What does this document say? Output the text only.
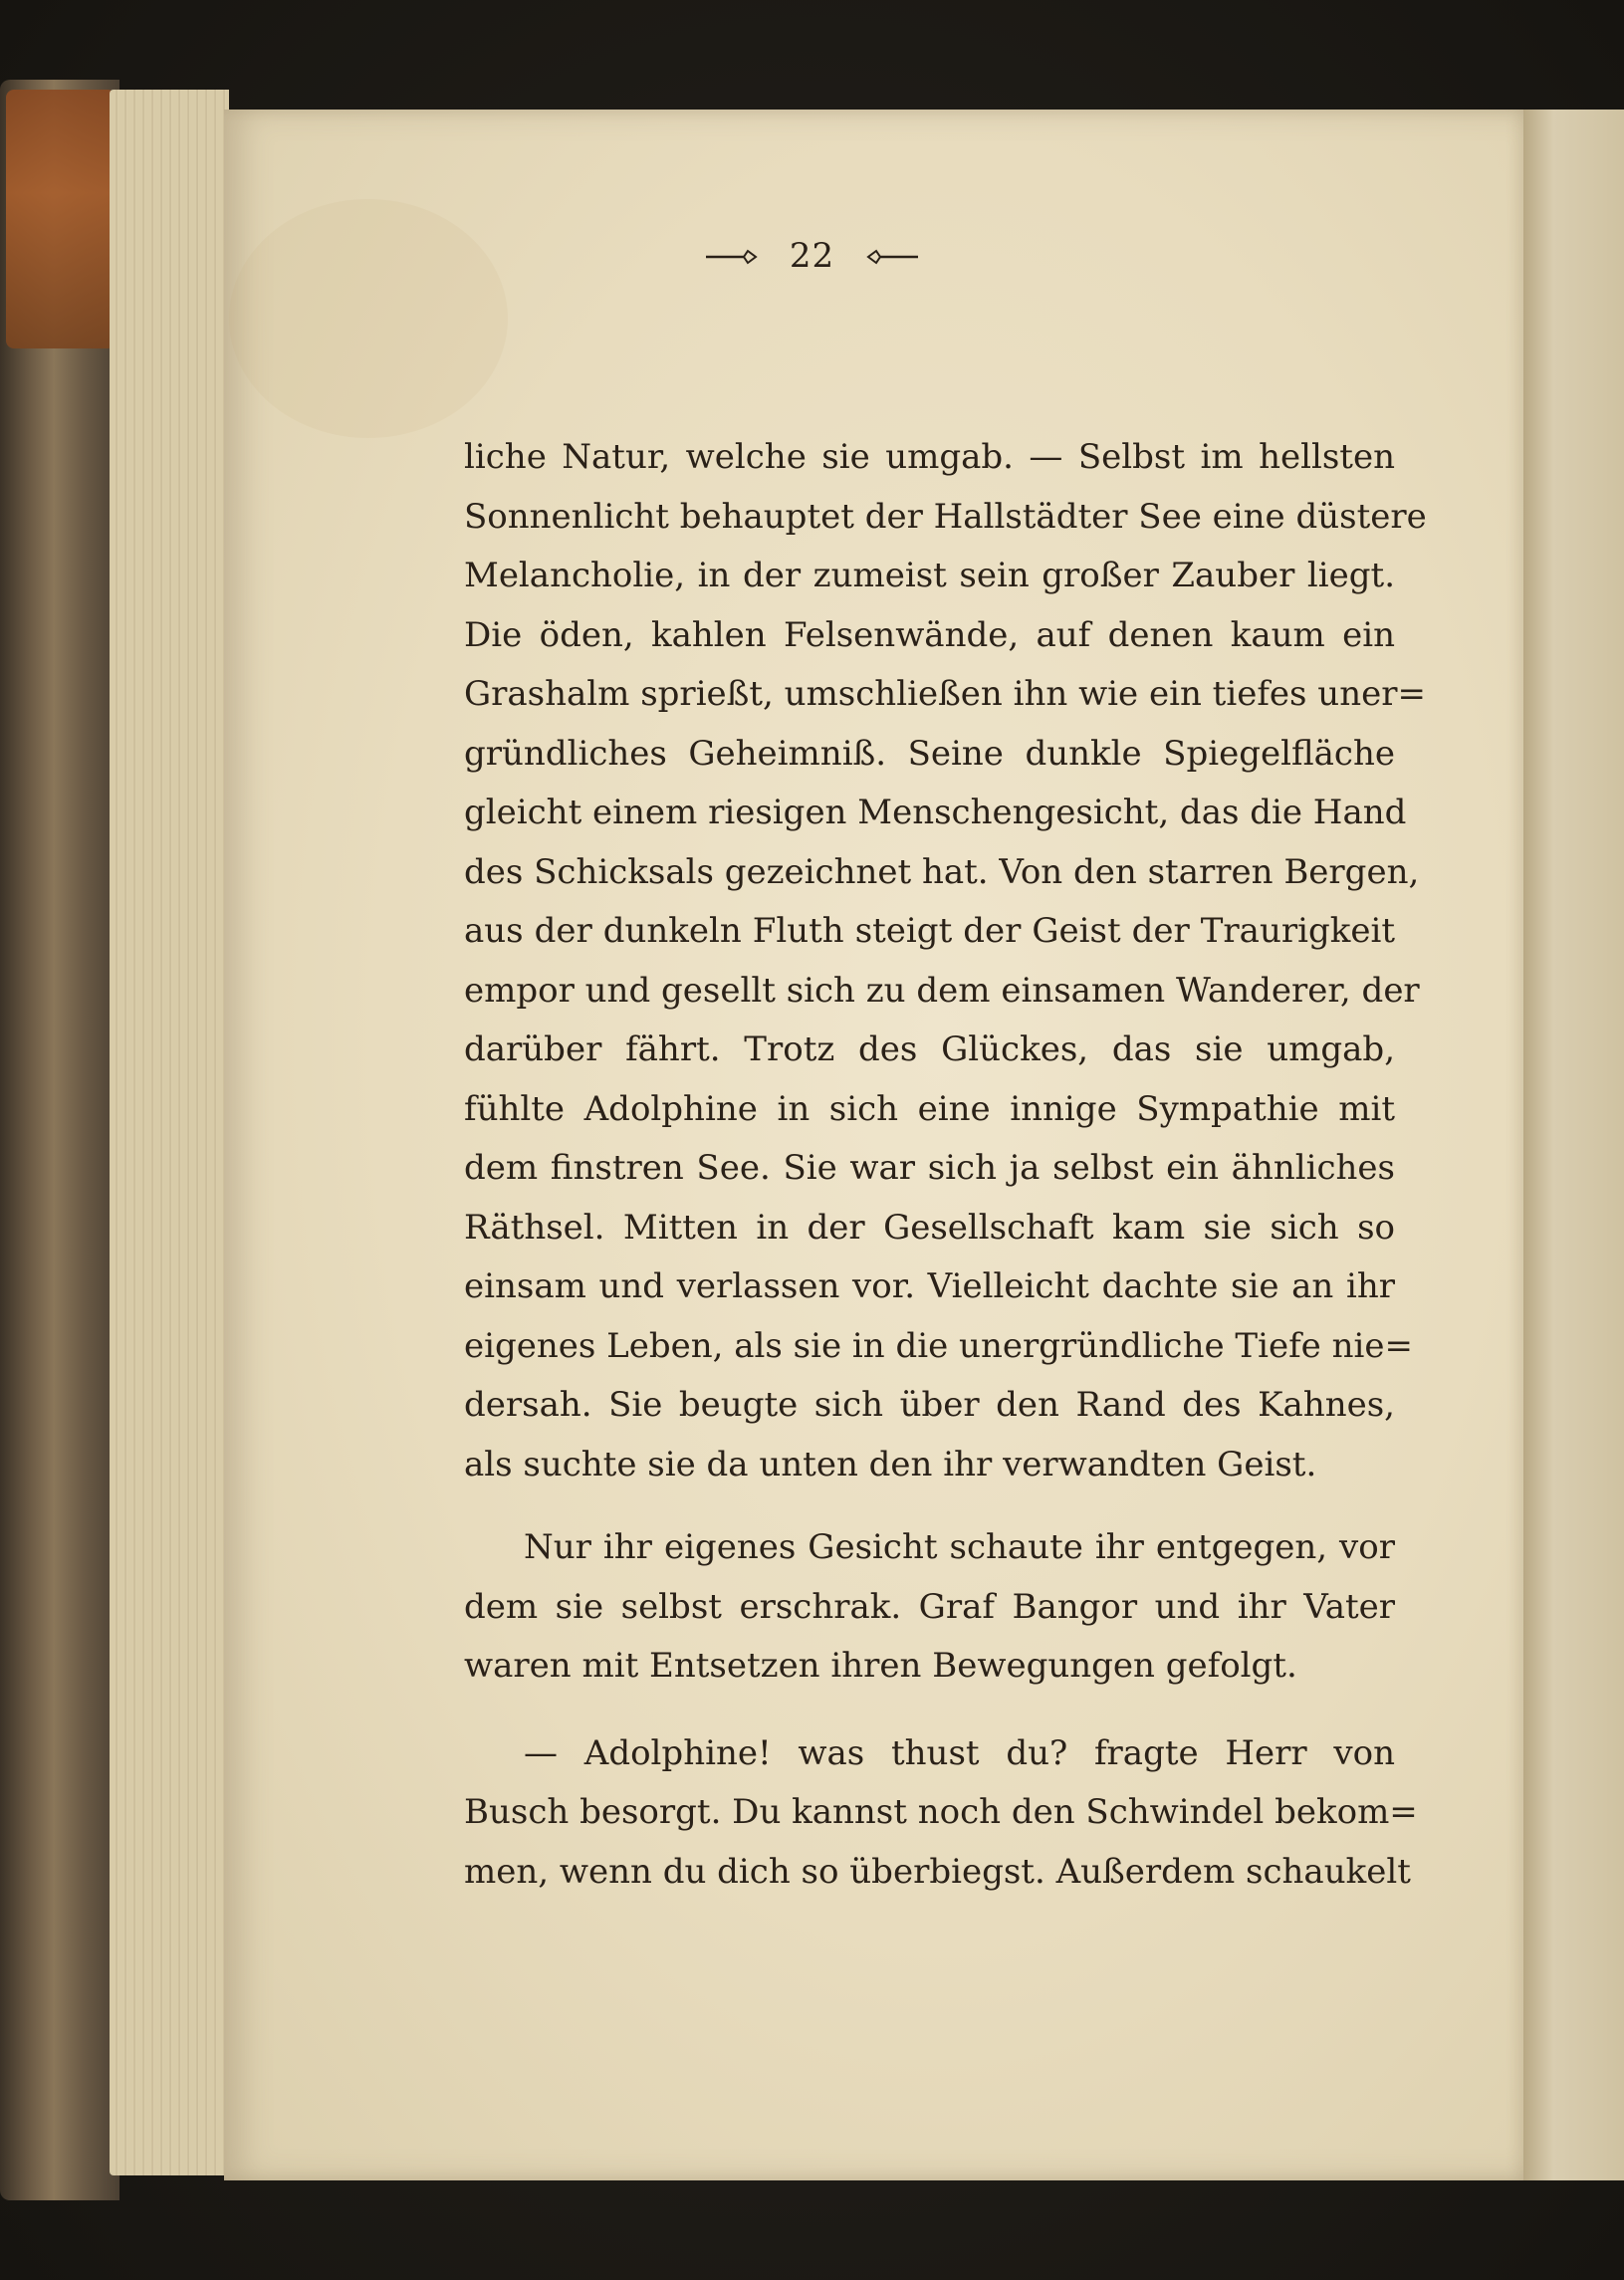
22
liche Natur, welche sie umgab. — Selbst im hellsten
Sonnenlicht behauptet der Hallstädter See eine düstere
Melancholie, in der zumeist sein großer Zauber liegt.
Die öden, kahlen Felsenwände, auf denen kaum ein
Grashalm sprießt, umschließen ihn wie ein tiefes uner=
gründliches Geheimniß. Seine dunkle Spiegelfläche
gleicht einem riesigen Menschengesicht, das die Hand
des Schicksals gezeichnet hat. Von den starren Bergen,
aus der dunkeln Fluth steigt der Geist der Traurigkeit
empor und gesellt sich zu dem einsamen Wanderer, der
darüber fährt. Trotz des Glückes, das sie umgab,
fühlte Adolphine in sich eine innige Sympathie mit
dem finstren See. Sie war sich ja selbst ein ähnliches
Räthsel. Mitten in der Gesellschaft kam sie sich so
einsam und verlassen vor. Vielleicht dachte sie an ihr
eigenes Leben, als sie in die unergründliche Tiefe nie=
dersah. Sie beugte sich über den Rand des Kahnes,
als suchte sie da unten den ihr verwandten Geist.
Nur ihr eigenes Gesicht schaute ihr entgegen, vor
dem sie selbst erschrak. Graf Bangor und ihr Vater
waren mit Entsetzen ihren Bewegungen gefolgt.
— Adolphine! was thust du? fragte Herr von
Busch besorgt. Du kannst noch den Schwindel bekom=
men, wenn du dich so überbiegst. Außerdem schaukelt
